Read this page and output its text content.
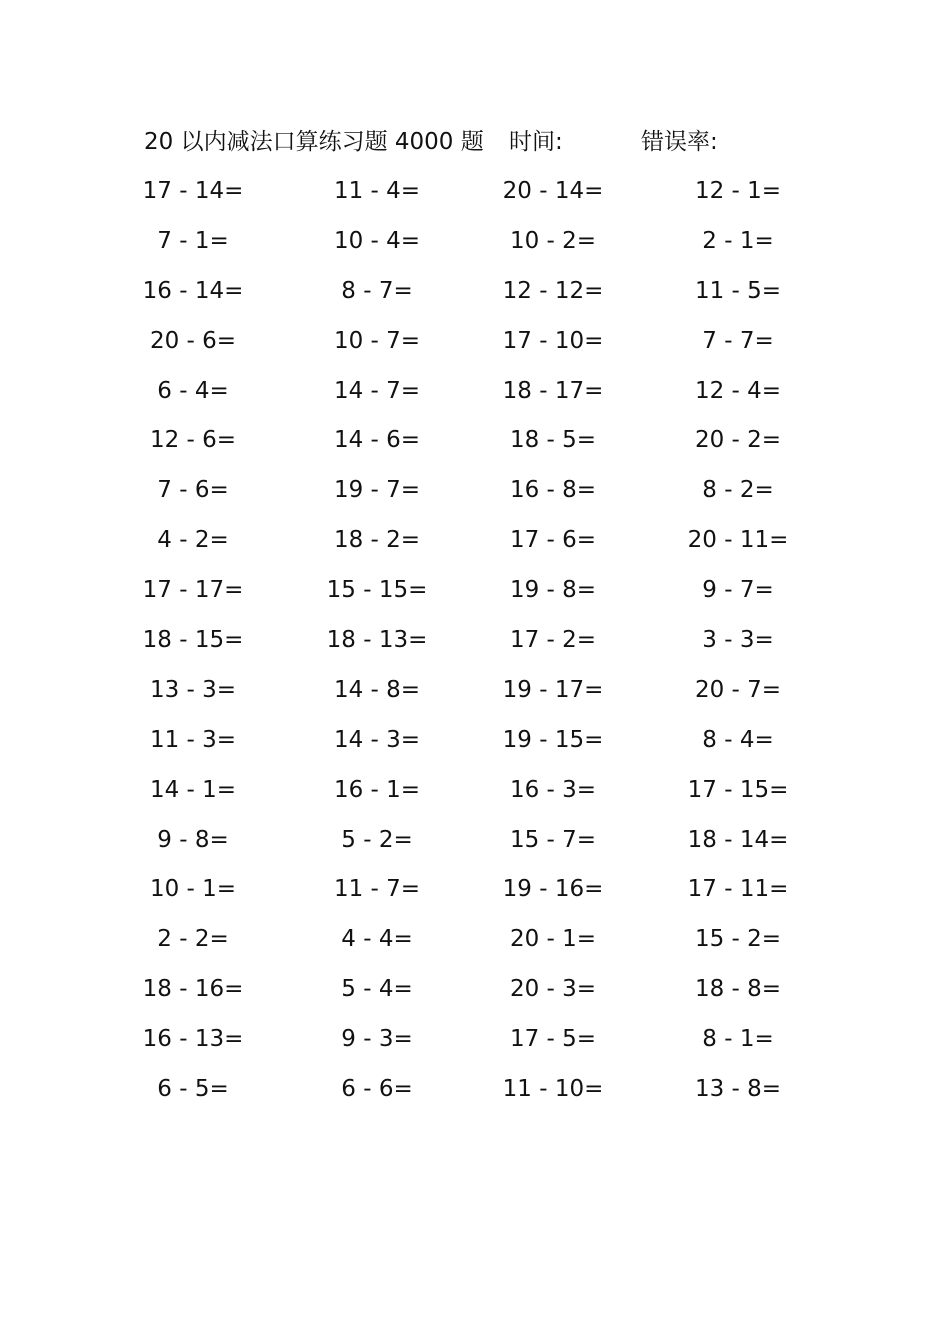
20 以内减法口算练习题 4000 题 时间:	错误率:
17 - 14=	11 - 4=	20 - 14=	12 - 1=
7 - 1=	10 - 4=	10 - 2=	2 - 1=
16 - 14=	8 - 7=	12 - 12=	11 - 5=
20 - 6=	10 - 7=	17 - 10=	7 - 7=
6 - 4=	14 - 7=	18 - 17=	12 - 4=
12 - 6=	14 - 6=	18 - 5=	20 - 2=
7 - 6=	19 - 7=	16 - 8=	8 - 2=
4 - 2=	18 - 2=	17 - 6=	20 - 11=
17 - 17=	15 - 15=	19 - 8=	9 - 7=
18 - 15=	18 - 13=	17 - 2=	3 - 3=
13 - 3=	14 - 8=	19 - 17=	20 - 7=
11 - 3=	14 - 3=	19 - 15=	8 - 4=
14 - 1=	16 - 1=	16 - 3=	17 - 15=
9 - 8=	5 - 2=	15 - 7=	18 - 14=
10 - 1=	11 - 7=	19 - 16=	17 - 11=
2 - 2=	4 - 4=	20 - 1=	15 - 2=
18 - 16=	5 - 4=	20 - 3=	18 - 8=
16 - 13=	9 - 3=	17 - 5=	8 - 1=
6 - 5=	6 - 6=	11 - 10=	13 - 8=
